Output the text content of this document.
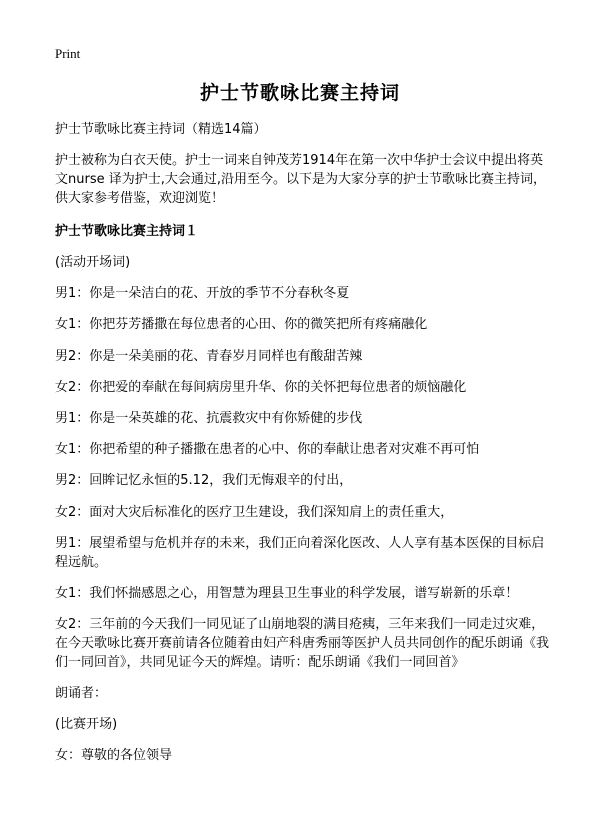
Print
护士节歌咏比赛主持词
护士节歌咏比赛主持词（精选14篇）
护士被称为白衣天使。护士一词来自钟茂芳1914年在第一次中华护士会议中提出将英文nurse 译为护士,大会通过,沿用至今。以下是为大家分享的护士节歌咏比赛主持词，供大家参考借鉴，欢迎浏览！
护士节歌咏比赛主持词１
(活动开场词)
男1：你是一朵洁白的花、开放的季节不分春秋冬夏
女1：你把芬芳播撒在每位患者的心田、你的微笑把所有疼痛融化
男2：你是一朵美丽的花、青春岁月同样也有酸甜苦辣
女2：你把爱的奉献在每间病房里升华、你的关怀把每位患者的烦恼融化
男1：你是一朵英雄的花、抗震救灾中有你矫健的步伐
女1：你把希望的种子播撒在患者的心中、你的奉献让患者对灾难不再可怕
男2：回眸记忆永恒的5.12，我们无悔艰辛的付出，
女2：面对大灾后标准化的医疗卫生建设，我们深知肩上的责任重大，
男1：展望希望与危机并存的未来，我们正向着深化医改、人人享有基本医保的目标启程远航。
女1：我们怀揣感恩之心，用智慧为理县卫生事业的科学发展，谱写崭新的乐章！
女2：三年前的今天我们一同见证了山崩地裂的满目疮痍，三年来我们一同走过灾难，在今天歌咏比赛开赛前请各位随着由妇产科唐秀丽等医护人员共同创作的配乐朗诵《我们一同回首》，共同见证今天的辉煌。请听：配乐朗诵《我们一同回首》
朗诵者：
(比赛开场)
女：尊敬的各位领导
